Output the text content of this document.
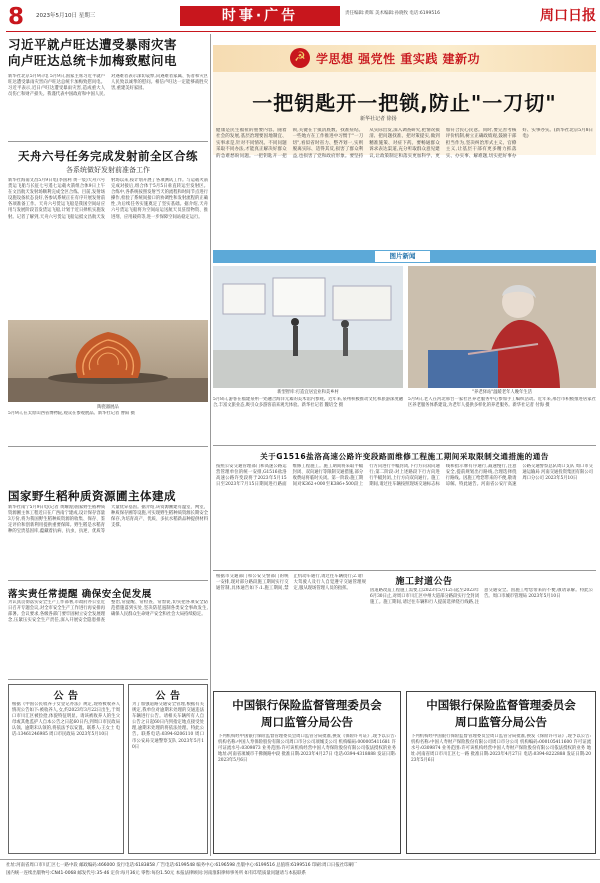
8 2023年5月10日 星期三	时事·广告	责任编辑:黄晖 美术编辑:孙晓牧 电话:6199516	周口日报
习近平就卢旺达遭受暴雨灾害
向卢旺达总统卡加梅致慰问电
新华社北京5月9日电 5月9日,国家主席习近平就卢旺达遭受暴雨灾害向卢旺达总统卡加梅致慰问电。习近平表示,近日卢旺达遭受暴雨灾害,造成重大人员伤亡和财产损失。我谨代表中国政府和中国人民,对遇难者表示深切哀悼,向遇难者家属、伤者和灾区人民致以诚挚的慰问。相信卢旺达一定能够战胜灾害,重建美好家园。
天舟六号任务完成发射前全区合练
各系统做好发射前准备工作
新华社海南文昌5月9日电(李国利 黄一宸)天舟六号货运飞船与长征七号遥七运载火箭组合体9日上午在文昌航天发射场顺利完成全区合练。目前,发射场设施设备状态良好,各参试系统正在有序开展发射前各项准备工作。天舟六号货运飞船是我国空间站应用与发展阶段首发货运飞船,计划于近日择机实施发射。记者了解到,天舟六号货运飞船运抵文昌航天发射场以来,按计划开展了各项测试工作。与运载火箭完成对接后,组合体于5月5日垂直转运至发射区。合练中,各系统按照发射当天的流程和时间节点进行操作,检验了系统间接口的协调性和发射流程的正确性,为后续任务实施奠定了坚实基础。据介绍,天舟六号货运飞船将为空间站运送航天员驻留物资、推进剂、应用载荷等,进一步保障空间站稳定运行。
陶瓷器展品
5月9日,在太原山西省博物院,观众在参观展品。新华社记者 曹阳 摄
国家野生稻种质资源圃主体建成
新华社南宁5月9日电(记者 黄耀漫)国家野生稻种质资源圃主体工程近日在广西南宁建成,设计保存容量3万份,将为我国野生稻种质资源的收集、保存、鉴定评价和创新利用提供重要保障。野生稻是水稻育种的宝贵基因库,蕴藏着抗病、抗虫、抗逆、优质等大量优异基因。据介绍,该资源圃建有温室、网室、种质保存圃等设施,可实现野生稻种质资源长期安全保存,为培育高产、优质、多抗水稻新品种提供材料支撑。
落实责任常提醒 确保安全促发展
为认真贯彻落实安全生产工作部署,市政府办公室近日召开专题会议,对全市安全生产工作进行再安排再部署。会议要求,各级各部门要牢固树立安全发展理念,压紧压实安全生产责任,深入开展安全隐患排查整治,常提醒、常检查、常督促,切实把各项安全防范措施落到实处,坚决防范遏制各类安全事故发生,确保人民群众生命财产安全和社会大局持续稳定。
公 告
根据《中国公民收养子女登记办法》规定,现将被收养人情况公告如下:被收养人,女,约2023年3月22日出生,于周口市川汇区被捡拾,体貌特征明显。请该被收养人的生父母或其他监护人自本公告之日起60日内,到周口市民政局认领。逾期未认领的,将依法予以安置。联系人:王女士 电话:13461246985 周口市民政局 2023年5月10日
公 告
为了加强道路交通安全管理,根据有关规定,我单位对逾期未处理的交通违法车辆进行公告。请相关车辆所有人自公告之日起60日内到指定地点接受处理,逾期未处理的将依法处理。特此公告。联系电话:0394-8206110 周口市公安局交通警察支队 2023年5月10日
☭ 学思想 强党性 重实践 建新功
一把钥匙开一把锁,防止"一刀切"
新华社记者 徐扬
健康是民生福祉的重要内容。随着社会的发展,基层治理要因地制宜、实事求是,针对不同情况、不同问题采取不同办法,才能真正解决好群众的急难愁盼问题。一把钥匙开一把锁,关键在于摸清底数、找准症结。一些地方在工作推进中习惯于"一刀切",看似省时省力、整齐划一,实则脱离实际、适得其反,损害了群众利益,也损害了党和政府形象。要坚持从实际出发,深入调查研究,把情况摸清、把问题找准、把对策提实,做到精准施策、对症下药。要畅通群众诉求表达渠道,充分听取群众意见建议,让政策制定和落实更加科学、更加符合民心民意。同时,要完善考核评价机制,树立正确政绩观,鼓励干部担当作为,坚决纠治形式主义、官僚主义,让基层干部有更多精力抓落实、办实事、解难题,切实把好事办好、实事办实。(新华社北京5月8日电)
图片新闻
新型智库:打造宜居宜业和美乡村
5月8日,游客在福建泉州一处融合海洋元素的美术馆内参观。近年来,泉州积极推动文化和旅游深度融合,丰富文旅业态,吸引众多游客前来观光体验。新华社记者 魏培全 摄
"养老驿站"温暖老年人晚年生活
5月9日,老人在河北邢台一家社区养老服务中心参加手工编织活动。近年来,邢台市积极推进居家社区养老服务体系建设,为老年人提供多样化的养老服务。新华社记者 付海 摄
关于G1516盐洛高速公路许变段路面维修工程施工期间采取限制交通措施的通告
按照公安交通管理部门和高速公路运营管理单位的统一安排,G1516盐洛高速公路许变段将于2023年5月15日至2023年7月15日期间进行路面维修工程施工。施工期间将采取半幅封闭、双向通行等限制交通措施,部分收费站将临时关闭。第一阶段:施工期间对K362+000至K386+500段上行方向进行半幅封闭,下行方向双向通行;第二阶段:对上述路段下行方向进行半幅封闭,上行方向双向通行。施工期间,请过往车辆按照现场交通标志标线和指示牌有序通行,减速慢行,注意安全,提前规划出行路线,合理选择绕行路线。因施工给您带来的不便,敬请谅解。特此通告。河南省公安厅高速公路交通警察总队周口支队 周口市交通运输局 河南交通投资集团有限公司周口分公司 2023年5月10日
根据市交通部门和公安交警部门的统一安排,现对部分路段施工期间实行交通管制,具体通告如下:1.施工期间,禁止机动车通行,请过往车辆绕行;2.请广大驾驶人及行人自觉遵守交通管理规定,服从现场管理人员的指挥。
施工封道公告
因道路改造工程施工需要,自2023年5月12日起至2023年6月30日止,对周口市川汇区中州大道部分路段实行全封闭施工。施工期间,请过往车辆和行人提前选择绕行线路,注意交通安全。因施工给您带来的不便,敬请谅解。特此公告。周口市城市管理局 2023年5月10日
中国银行保险监督管理委员会
周口监管分局公告
下列机构经中国银行保险监督管理委员会周口监管分局批准,换发《保险许可证》,现予以公告:机构名称:中国人寿保险股份有限公司周口市分公司项城支公司 机构编码:000005411681 许可证流水号:0309873 业务范围:许可该机构经营中国人寿保险股份有限公司依法授权的业务 地址:河南省项城市千佛阁路中段 批准日期:2023年4月27日 电话:0394-4318888 发证日期:2023年5月6日
中国银行保险监督管理委员会
周口监管分局公告
下列机构经中国银行保险监督管理委员会周口监管分局批准,换发《保险许可证》,现予以公告:机构名称:中国人寿财产保险股份有限公司周口市分公司 机构编码:000105411600 许可证流水号:0309874 业务范围:许可该机构经营中国人寿财产保险股份有限公司依法授权的业务 地址:河南省周口市川汇区七一路 批准日期:2023年4月27日 电话:0394-8222888 发证日期:2023年5月6日
社址:河南省周口市川汇区七一路中段 邮政编码:466000 发行电话:6183858 广告电话:6199548 编务中心:6196598 出版中心:6199516 总值班:6199516 印刷:周口日报社印刷厂
国内统一连续出版物号:CN41-0068 邮发代号:35-46 定价:每月36元 零售:每份1.50元 本报法律顾问:河南淮阳律师事务所 如有印装质量问题请与本报联系
